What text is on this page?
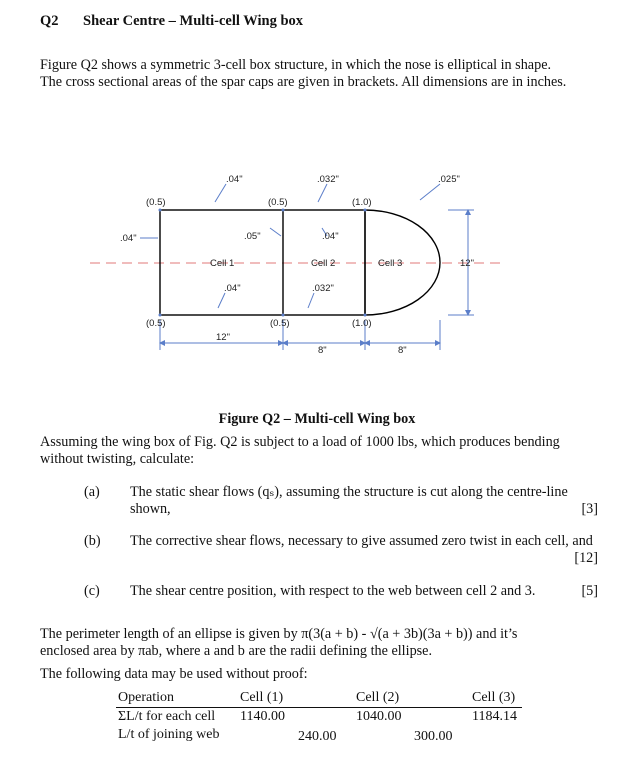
Q2 Shear Centre – Multi-cell Wing box
Figure Q2 shows a symmetric 3-cell box structure, in which the nose is elliptical in shape.
The cross sectional areas of the spar caps are given in brackets. All dimensions are in inches.
(0.5)	(0.5)	(1.0)
(0.5)	(0.5)	(1.0)
.04"	.032"	.025"
.04"	.05"	.04"
.04"	.032"
Cell 1	Cell 2	Cell 3
12"
8"	8"
12"
Figure Q2 – Multi-cell Wing box
Assuming the wing box of Fig. Q2 is subject to a load of 1000 lbs, which produces bending
without twisting, calculate:
(a) The static shear flows (qₛ), assuming the structure is cut along the centre-line shown,	[3]
(b) The corrective shear flows, necessary to give assumed zero twist in each cell, and
[12]
(c) The shear centre position, with respect to the web between cell 2 and 3.	[5]
The perimeter length of an ellipse is given by π(3(a + b) - √(a + 3b)(3a + b)) and it’s
enclosed area by πab, where a and b are the radii defining the ellipse.
The following data may be used without proof:
Operation	Cell (1)	Cell (2)	Cell (3)
ΣL/t for each cell 1140.00	1040.00	1184.14
L/t of joining web	240.00	300.00
